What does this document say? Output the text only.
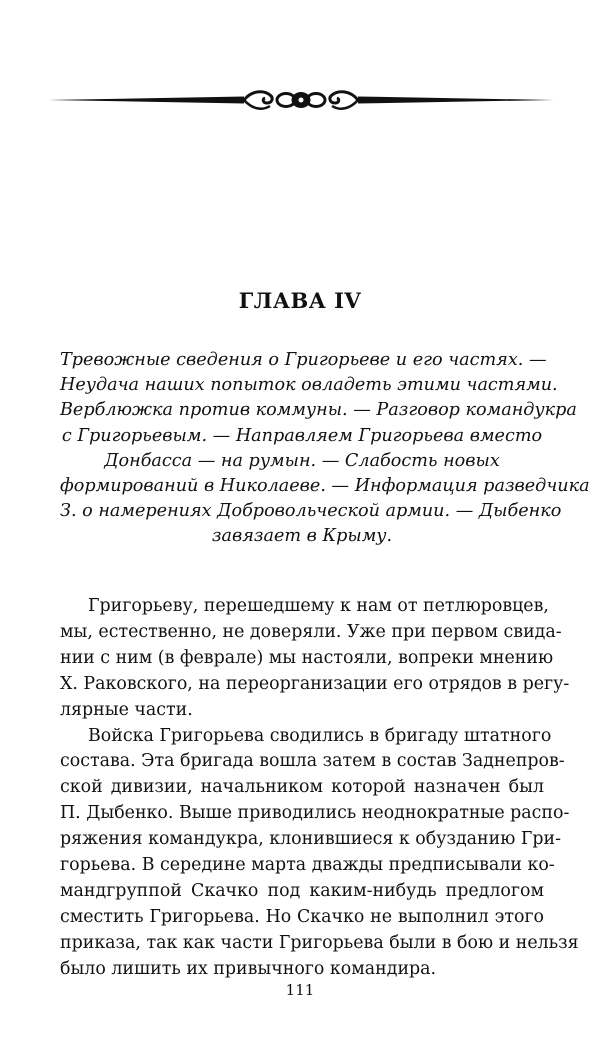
ГЛАВА IV
Тревожные сведения о Григорьеве и его частях. —
Неудача наших попыток овладеть этими частями.
Верблюжка против коммуны. — Разговор командукра
с Григорьевым. — Направляем Григорьева вместо
Донбасса — на румын. — Слабость новых
формирований в Николаеве. — Информация разведчика
З. о намерениях Добровольческой армии. — Дыбенко
завязает в Крыму.

Григорьеву, перешедшему к нам от петлюровцев,
мы, естественно, не доверяли. Уже при первом свида-
нии с ним (в феврале) мы настояли, вопреки мнению
Х. Раковского, на переорганизации его отрядов в регу-
лярные части.

Войска Григорьева сводились в бригаду штатного
состава. Эта бригада вошла затем в состав Заднепров-
ской дивизии, начальником которой назначен был
П. Дыбенко. Выше приводились неоднократные распо-
ряжения командукра, клонившиеся к обузданию Гри-
горьева. В середине марта дважды предписывали ко-
мандгруппой Скачко под каким-нибудь предлогом
сместить Григорьева. Но Скачко не выполнил этого
приказа, так как части Григорьева были в бою и нельзя
было лишить их привычного командира.

111
